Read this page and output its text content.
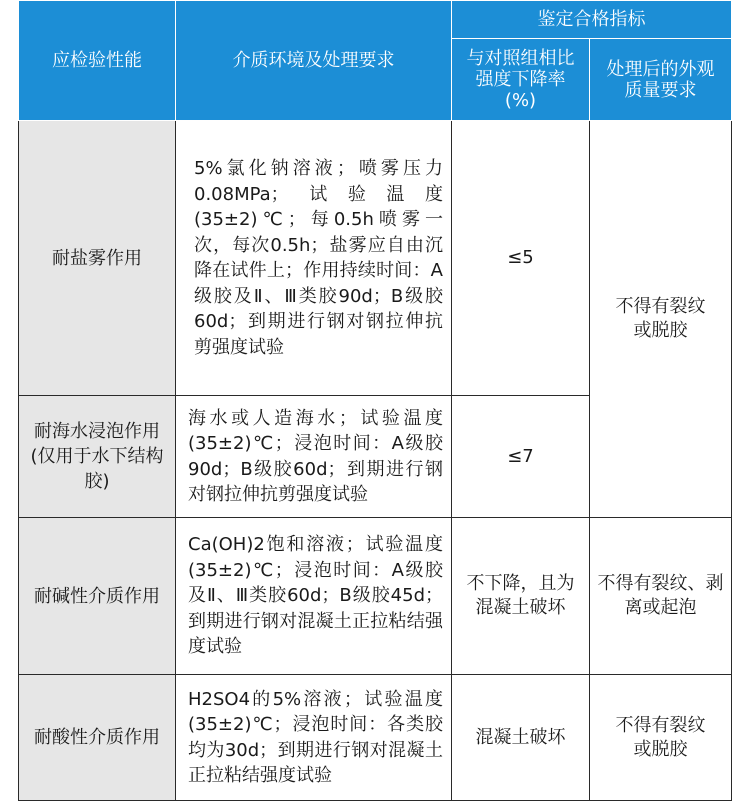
应检验性能	介质环境及处理要求	鉴定合格指标	
		与对照组相比强度下降率(%)	处理后的外观质量要求
耐盐雾作用	5%氯化钠溶液；喷雾压力0.08MPa；试验温度(35±2)℃；每0.5h喷雾一次，每次0.5h；盐雾应自由沉降在试件上；作用持续时间：A级胶及Ⅱ、Ⅲ类胶90d；B级胶60d；到期进行钢对钢拉伸抗剪强度试验	≤5	不得有裂纹或脱胶
耐海水浸泡作用(仅用于水下结构胶)	海水或人造海水；试验温度(35±2)℃；浸泡时间：A级胶90d；B级胶60d；到期进行钢对钢拉伸抗剪强度试验	≤7	
耐碱性介质作用	Ca(OH)2饱和溶液；试验温度(35±2)℃；浸泡时间：A级胶及Ⅱ、Ⅲ类胶60d；B级胶45d；到期进行钢对混凝土正拉粘结强度试验	不下降，且为混凝土破坏	不得有裂纹、剥离或起泡
耐酸性介质作用	H2SO4的5%溶液；试验温度(35±2)℃；浸泡时间：各类胶均为30d；到期进行钢对混凝土正拉粘结强度试验	混凝土破坏	不得有裂纹或脱胶
